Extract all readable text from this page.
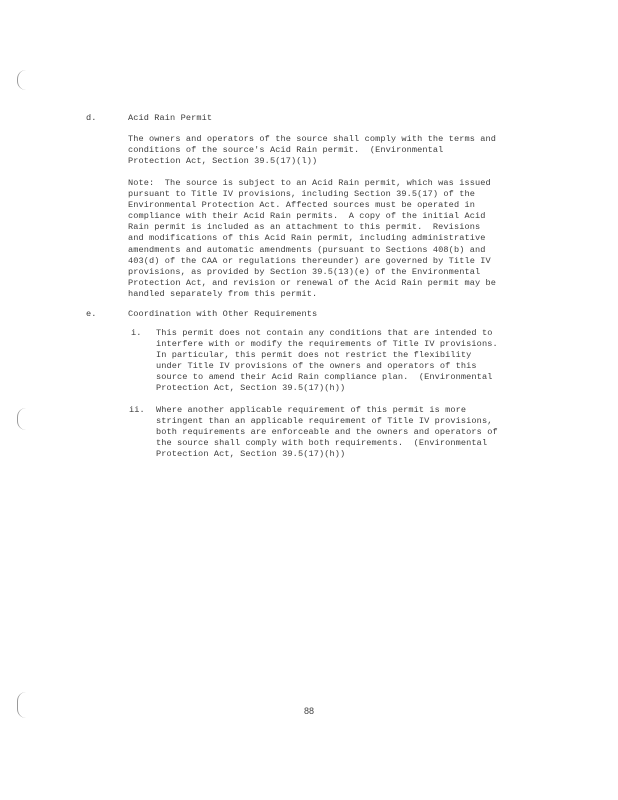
d.	Acid Rain Permit
The owners and operators of the source shall comply with the terms and
conditions of the source's Acid Rain permit.  (Environmental
Protection Act, Section 39.5(17)(l))
Note:  The source is subject to an Acid Rain permit, which was issued
pursuant to Title IV provisions, including Section 39.5(17) of the
Environmental Protection Act. Affected sources must be operated in
compliance with their Acid Rain permits.  A copy of the initial Acid
Rain permit is included as an attachment to this permit.  Revisions
and modifications of this Acid Rain permit, including administrative
amendments and automatic amendments (pursuant to Sections 408(b) and
403(d) of the CAA or regulations thereunder) are governed by Title IV
provisions, as provided by Section 39.5(13)(e) of the Environmental
Protection Act, and revision or renewal of the Acid Rain permit may be
handled separately from this permit.
e.	Coordination with Other Requirements
i. This permit does not contain any conditions that are intended to
interfere with or modify the requirements of Title IV provisions.
In particular, this permit does not restrict the flexibility
under Title IV provisions of the owners and operators of this
source to amend their Acid Rain compliance plan.  (Environmental
Protection Act, Section 39.5(17)(h))
ii. Where another applicable requirement of this permit is more
stringent than an applicable requirement of Title IV provisions,
both requirements are enforceable and the owners and operators of
the source shall comply with both requirements.  (Environmental
Protection Act, Section 39.5(17)(h))
88
